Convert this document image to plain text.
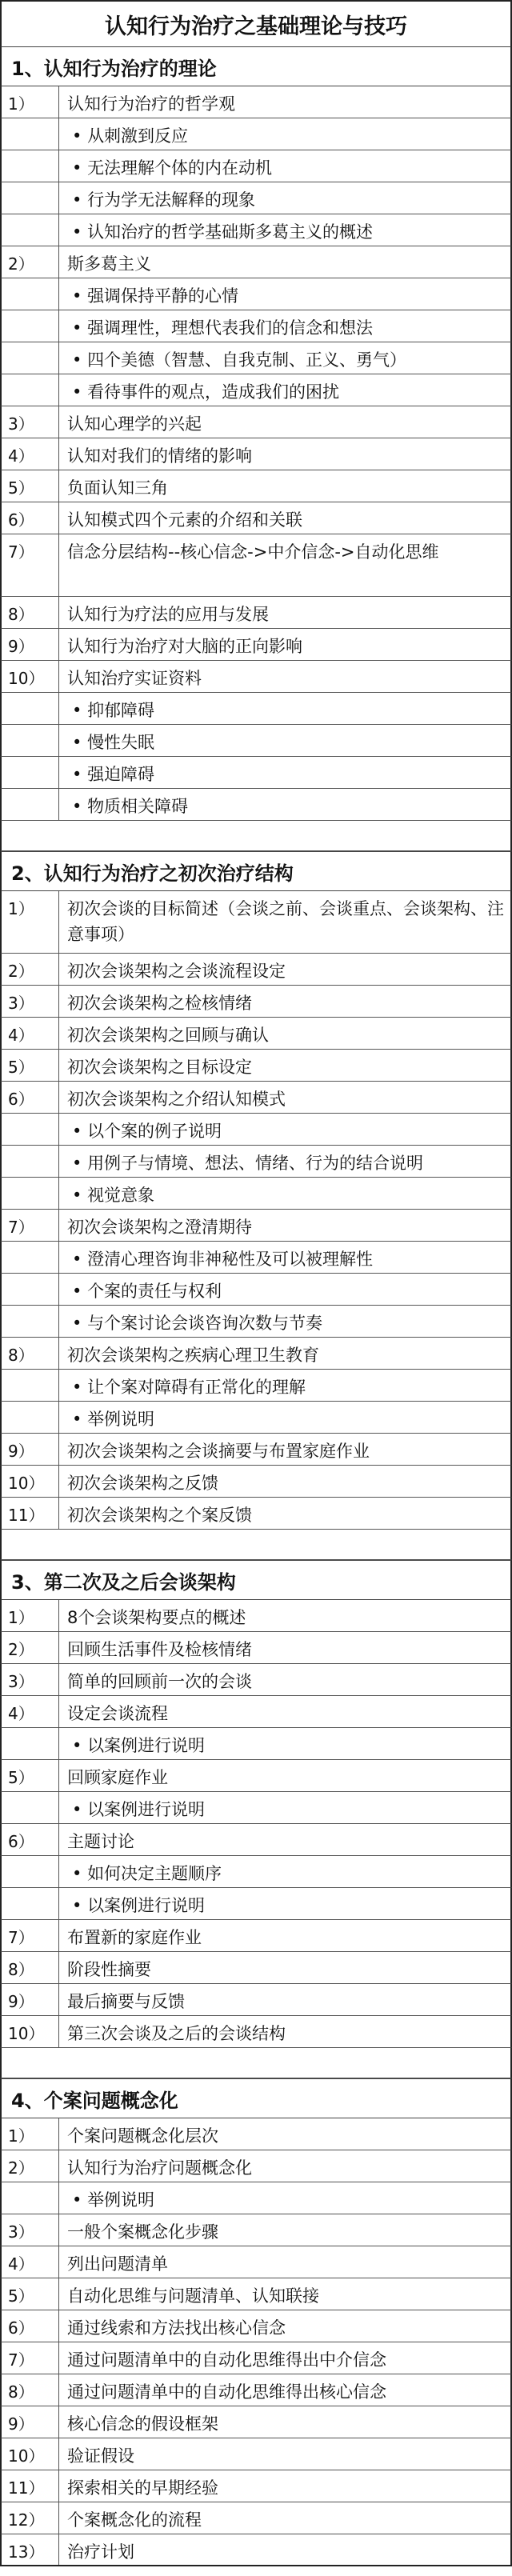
认知行为治疗之基础理论与技巧
1、认知行为治疗的理论
1）	认知行为治疗的哲学观
• 从刺激到反应
• 无法理解个体的内在动机
• 行为学无法解释的现象
• 认知治疗的哲学基础斯多葛主义的概述
2）	斯多葛主义
• 强调保持平静的心情
• 强调理性，理想代表我们的信念和想法
• 四个美德（智慧、自我克制、正义、勇气）
• 看待事件的观点，造成我们的困扰
3）	认知心理学的兴起
4）	认知对我们的情绪的影响
5）	负面认知三角
6）	认知模式四个元素的介绍和关联
7）	信念分层结构--核心信念->中介信念->自动化思维
8）	认知行为疗法的应用与发展
9）	认知行为治疗对大脑的正向影响
10）	认知治疗实证资料
• 抑郁障碍
• 慢性失眠
• 强迫障碍
• 物质相关障碍
2、认知行为治疗之初次治疗结构
1）	初次会谈的目标简述（会谈之前、会谈重点、会谈架构、注意事项）
2）	初次会谈架构之会谈流程设定
3）	初次会谈架构之检核情绪
4）	初次会谈架构之回顾与确认
5）	初次会谈架构之目标设定
6）	初次会谈架构之介绍认知模式
• 以个案的例子说明
• 用例子与情境、想法、情绪、行为的结合说明
• 视觉意象
7）	初次会谈架构之澄清期待
• 澄清心理咨询非神秘性及可以被理解性
• 个案的责任与权利
• 与个案讨论会谈咨询次数与节奏
8）	初次会谈架构之疾病心理卫生教育
• 让个案对障碍有正常化的理解
• 举例说明
9）	初次会谈架构之会谈摘要与布置家庭作业
10）	初次会谈架构之反馈
11）	初次会谈架构之个案反馈
3、第二次及之后会谈架构
1）	8个会谈架构要点的概述
2）	回顾生活事件及检核情绪
3）	简单的回顾前一次的会谈
4）	设定会谈流程
• 以案例进行说明
5）	回顾家庭作业
• 以案例进行说明
6）	主题讨论
• 如何决定主题顺序
• 以案例进行说明
7）	布置新的家庭作业
8）	阶段性摘要
9）	最后摘要与反馈
10）	第三次会谈及之后的会谈结构
4、个案问题概念化
1）	个案问题概念化层次
2）	认知行为治疗问题概念化
• 举例说明
3）	一般个案概念化步骤
4）	列出问题清单
5）	自动化思维与问题清单、认知联接
6）	通过线索和方法找出核心信念
7）	通过问题清单中的自动化思维得出中介信念
8）	通过问题清单中的自动化思维得出核心信念
9）	核心信念的假设框架
10）	验证假设
11）	探索相关的早期经验
12）	个案概念化的流程
13）	治疗计划
